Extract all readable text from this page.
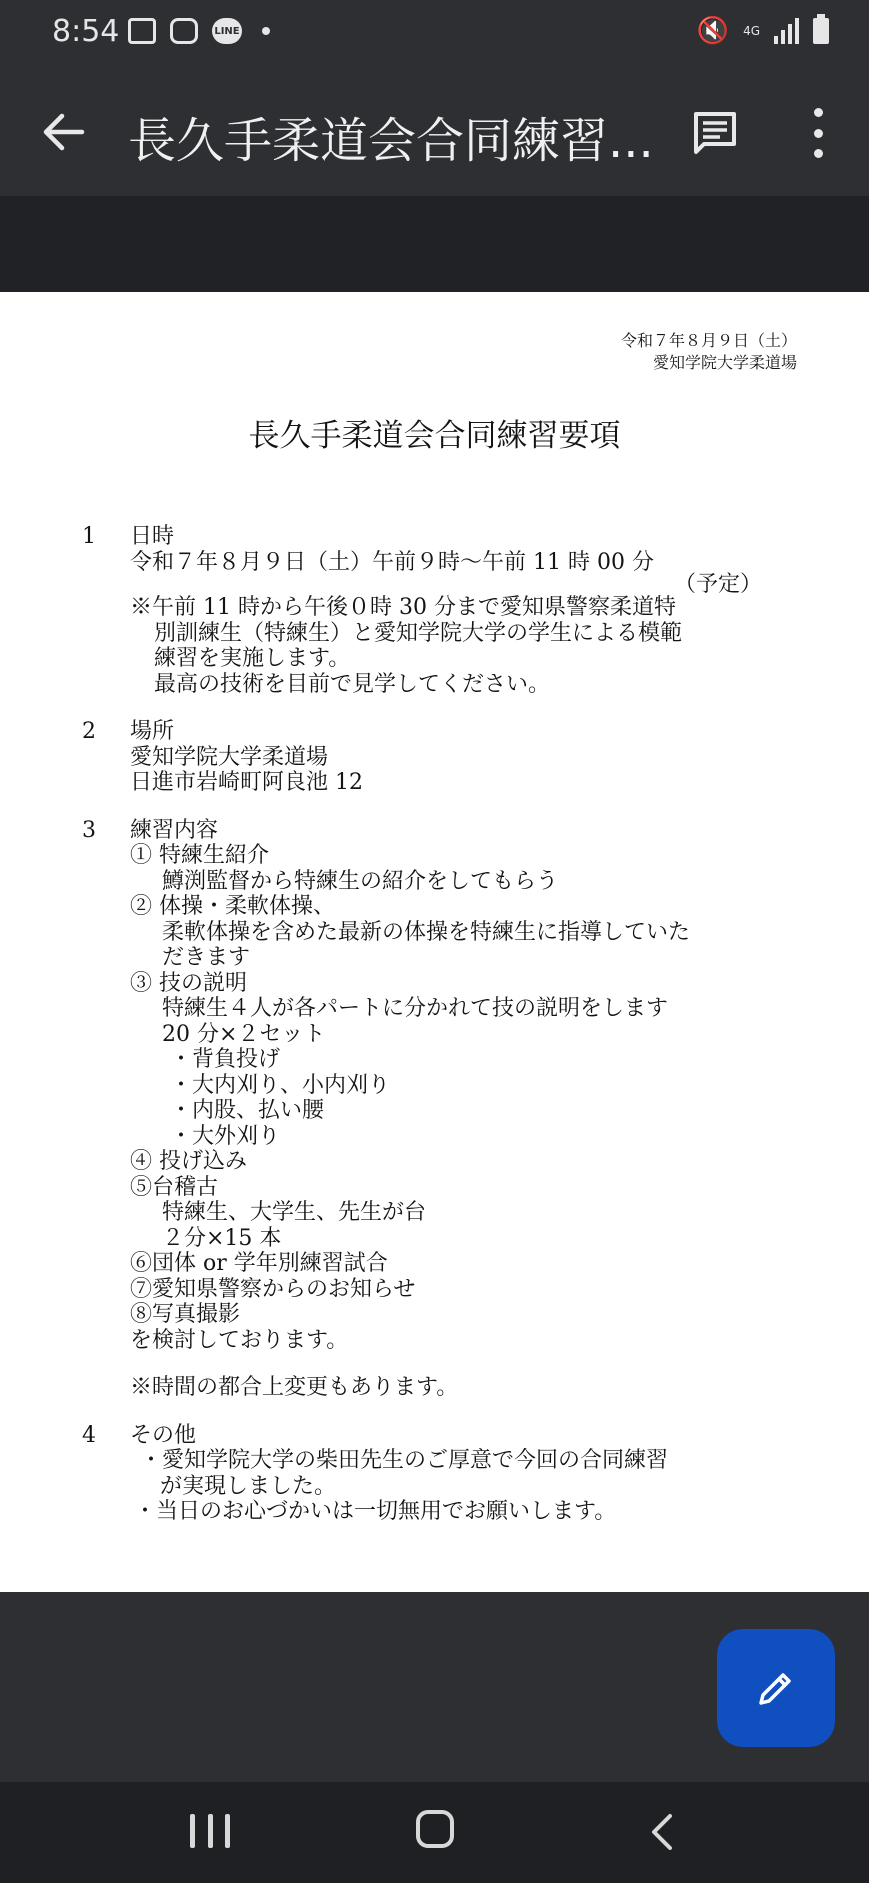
8:54	LINE	🔇 4G
長久手柔道会合同練習...
令和７年８月９日（土）
愛知学院大学柔道場
長久手柔道会合同練習要項
1	日時
令和７年８月９日（土）午前９時～午前 11 時 00 分
（予定）
※午前 11 時から午後０時 30 分まで愛知県警察柔道特
別訓練生（特練生）と愛知学院大学の学生による模範
練習を実施します。
最高の技術を目前で見学してください。
2	場所
愛知学院大学柔道場
日進市岩崎町阿良池 12
3	練習内容
① 特練生紹介
鱒渕監督から特練生の紹介をしてもらう
② 体操・柔軟体操、
柔軟体操を含めた最新の体操を特練生に指導していた
だきます
③ 技の説明
特練生４人が各パートに分かれて技の説明をします
20 分×２セット
・背負投げ
・大内刈り、小内刈り
・内股、払い腰
・大外刈り
④ 投げ込み
⑤台稽古
特練生、大学生、先生が台
２分×15 本
⑥団体 or 学年別練習試合
⑦愛知県警察からのお知らせ
⑧写真撮影
を検討しております。
※時間の都合上変更もあります。
4	その他
・愛知学院大学の柴田先生のご厚意で今回の合同練習
が実現しました。
・当日のお心づかいは一切無用でお願いします。
